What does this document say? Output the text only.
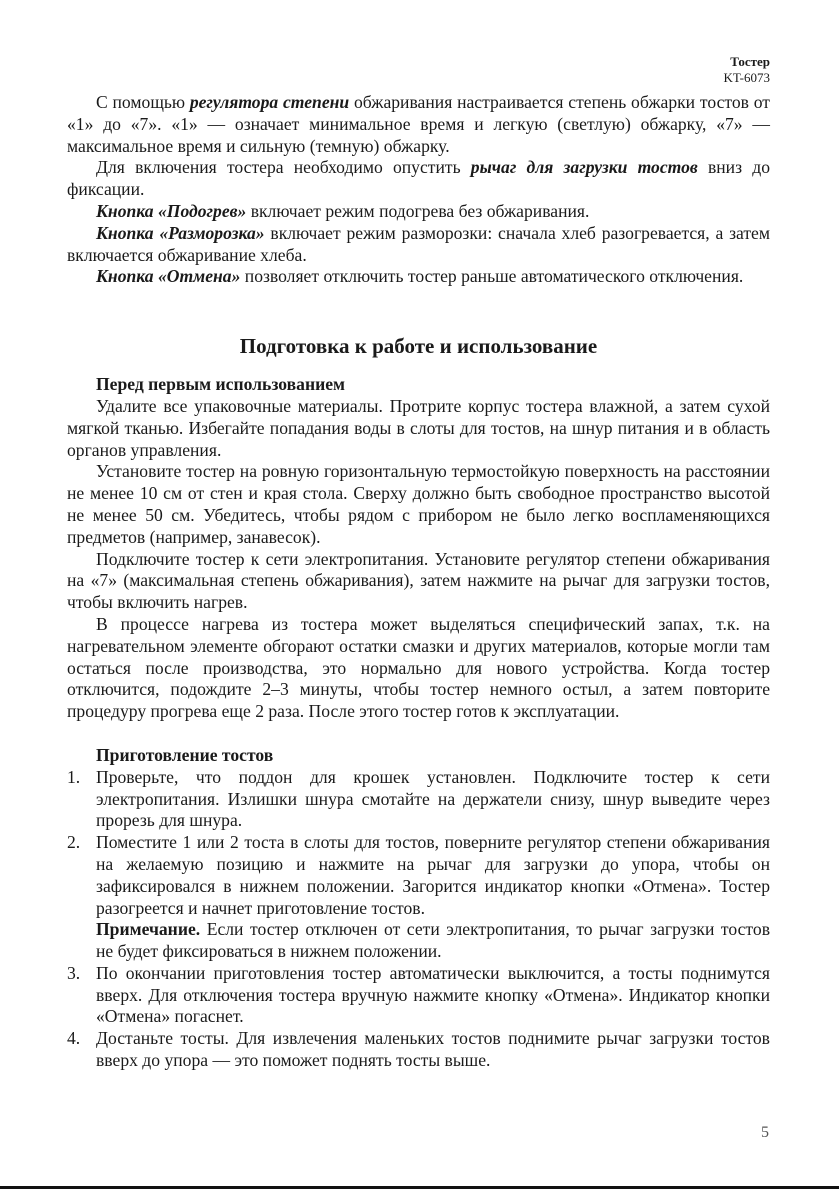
Тостер
KT-6073

С помощью регулятора степени обжаривания настраивается степень обжарки тостов от «1» до «7». «1» — означает минимальное время и легкую (светлую) обжарку, «7» — максимальное время и сильную (темную) обжарку.

Для включения тостера необходимо опустить рычаг для загрузки тостов вниз до фиксации.

Кнопка «Подогрев» включает режим подогрева без обжаривания.

Кнопка «Разморозка» включает режим разморозки: сначала хлеб разогревается, а затем включается обжаривание хлеба.

Кнопка «Отмена» позволяет отключить тостер раньше автоматического отключения.

Подготовка к работе и использование
Перед первым использованием

Удалите все упаковочные материалы. Протрите корпус тостера влажной, а затем сухой мягкой тканью. Избегайте попадания воды в слоты для тостов, на шнур питания и в область органов управления.

Установите тостер на ровную горизонтальную термостойкую поверхность на расстоянии не менее 10 см от стен и края стола. Сверху должно быть свободное пространство высотой не менее 50 см. Убедитесь, чтобы рядом с прибором не было легко воспламеняющихся предметов (например, занавесок).

Подключите тостер к сети электропитания. Установите регулятор степени обжаривания на «7» (максимальная степень обжаривания), затем нажмите на рычаг для загрузки тостов, чтобы включить нагрев.

В процессе нагрева из тостера может выделяться специфический запах, т.к. на нагревательном элементе обгорают остатки смазки и других материалов, которые могли там остаться после производства, это нормально для нового устройства. Когда тостер отключится, подождите 2–3 минуты, чтобы тостер немного остыл, а затем повторите процедуру прогрева еще 2 раза. После этого тостер готов к эксплуатации.

Приготовление тостов
1. Проверьте, что поддон для крошек установлен. Подключите тостер к сети электропитания. Излишки шнура смотайте на держатели снизу, шнур выведите через прорезь для шнура.
2. Поместите 1 или 2 тоста в слоты для тостов, поверните регулятор степени обжаривания на желаемую позицию и нажмите на рычаг для загрузки до упора, чтобы он зафиксировался в нижнем положении. Загорится индикатор кнопки «Отмена». Тостер разогреется и начнет приготовление тостов.
Примечание. Если тостер отключен от сети электропитания, то рычаг загрузки тостов не будет фиксироваться в нижнем положении.
3. По окончании приготовления тостер автоматически выключится, а тосты поднимутся вверх. Для отключения тостера вручную нажмите кнопку «Отмена». Индикатор кнопки «Отмена» погаснет.
4. Достаньте тосты. Для извлечения маленьких тостов поднимите рычаг загрузки тостов вверх до упора — это поможет поднять тосты выше.
5
